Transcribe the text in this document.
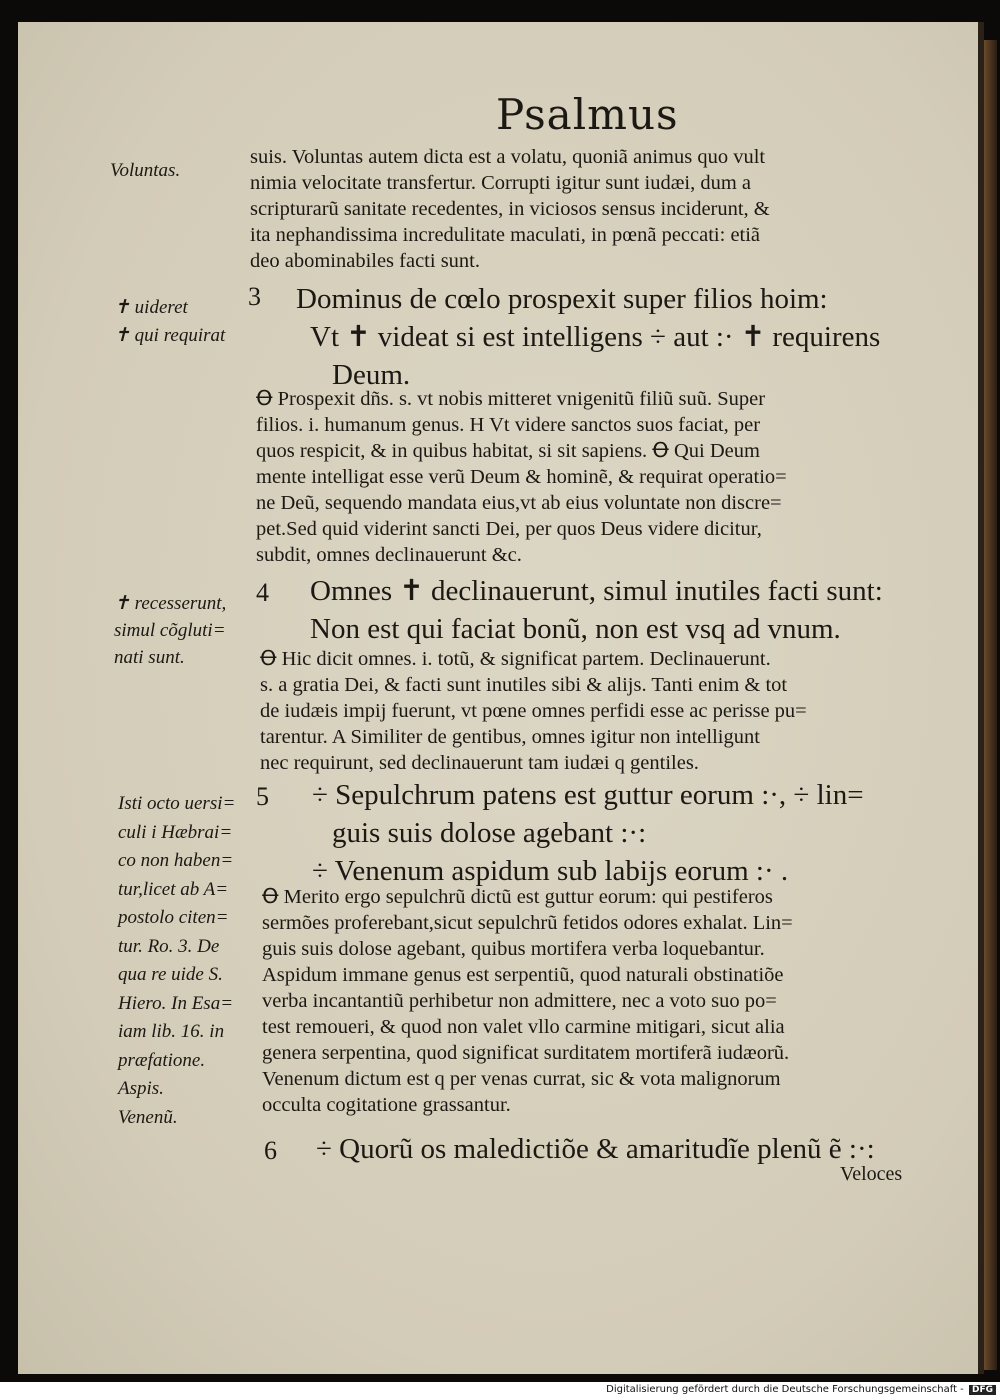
Psalmus
Voluntas.
✝ uideret
✝ qui requirat
✝ recesserunt,
simul cõgluti=
nati sunt.
Isti octo uersi=
culi i Hæbrai=
co non haben=
tur,licet ab A=
postolo citen=
tur. Ro. 3. De
qua re uide S.
Hiero. In Esa=
iam lib. 16. in
præfatione.
Aspis.
Venenũ.
3
4
5
6
suis. Voluntas autem dicta est a volatu, quoniã animus quo vult
nimia velocitate transfertur. Corrupti igitur sunt iudæi, dum a
scripturarũ sanitate recedentes, in viciosos sensus inciderunt, &
ita nephandissima incredulitate maculati, in pœnã peccati: etiã
deo abominabiles facti sunt.
Dominus de cœlo prospexit super filios hoim:
Vt ✝ videat si est intelligens ÷ aut :· ✝ requirens
Deum.
Ꝋ Prospexit dñs. s. vt nobis mitteret vnigenitũ filiũ suũ. Super
filios. i. humanum genus. H Vt videre sanctos suos faciat, per
quos respicit, & in quibus habitat, si sit sapiens. Ꝋ Qui Deum
mente intelligat esse verũ Deum & hominẽ, & requirat operatio=
ne Deũ, sequendo mandata eius,vt ab eius voluntate non discre=
pet.Sed quid viderint sancti Dei, per quos Deus videre dicitur,
subdit, omnes declinauerunt &c.
Omnes ✝ declinauerunt, simul inutiles facti sunt:
Non est qui faciat bonũ, non est vsq ad vnum.
Ꝋ Hic dicit omnes. i. totũ, & significat partem. Declinauerunt.
s. a gratia Dei, & facti sunt inutiles sibi & alijs. Tanti enim & tot
de iudæis impij fuerunt, vt pœne omnes perfidi esse ac perisse pu=
tarentur. A Similiter de gentibus, omnes igitur non intelligunt
nec requirunt, sed declinauerunt tam iudæi q gentiles.
÷ Sepulchrum patens est guttur eorum :·, ÷ lin=
guis suis dolose agebant :·:
÷ Venenum aspidum sub labijs eorum :· .
Ꝋ Merito ergo sepulchrũ dictũ est guttur eorum: qui pestiferos
sermões proferebant,sicut sepulchrũ fetidos odores exhalat. Lin=
guis suis dolose agebant, quibus mortifera verba loquebantur.
Aspidum immane genus est serpentiũ, quod naturali obstinatiõe
verba incantantiũ perhibetur non admittere, nec a voto suo po=
test remoueri, & quod non valet vllo carmine mitigari, sicut alia
genera serpentina, quod significat surditatem mortiferã iudæorũ.
Venenum dictum est q per venas currat, sic & vota malignorum
occulta cogitatione grassantur.
÷ Quorũ os maledictiõe & amaritudĩe plenũ ẽ :·:
Veloces
Digitalisierung gefördert durch die Deutsche Forschungsgemeinschaft - DFG
